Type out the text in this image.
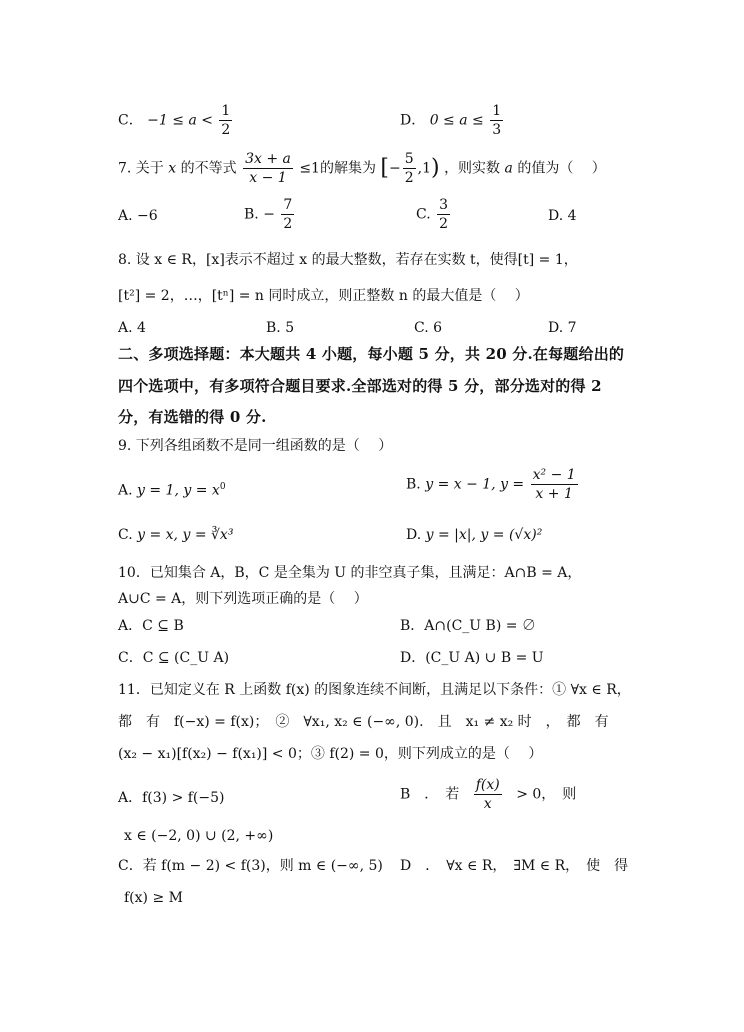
C． $-1 \le a < \frac{1}{2}$	D． $0 \le a \le \frac{1}{3}$
7. 关于 x 的不等式 $\frac{3x + a}{x - 1} \le 1$的解集为 [− $\frac{5}{2} ,1$) ，则实数 a 的值为（　 ）
A. −6	B. − $\frac{7}{2}$	C. $\frac{3}{2}$	D. 4
8. 设 x ∈ R，[x]表示不超过 x 的最大整数，若存在实数 t，使得[t] = 1，
[t²] = 2，…，[tⁿ] = n 同时成立，则正整数 n 的最大值是（　 ）
A. 4	B. 5	C. 6	D. 7
二、多项选择题：本大题共 4 小题，每小题 5 分，共 20 分.在每题给出的
四个选项中，有多项符合题目要求.全部选对的得 5 分，部分选对的得 2
分，有选错的得 0 分.
9. 下列各组函数不是同一组函数的是（　 ）
A. y = 1, $y = x^0$	B. y = x − 1, $y = \frac{\text{x² − 1}}{x + 1}$
C. y = x, y = ∛x³	D. y = |x|, y = (√x)²
10．已知集合 A，B，C 是全集为 U 的非空真子集，且满足：A∩B = A，
A∪C = A，则下列选项正确的是（　 ）
A．C ⊆ B	B．A∩(C_U B) = ∅
C．C ⊆ (C_U A)	D．(C_U A) ∪ B = U
11．已知定义在 R 上函数 f(x) 的图象连续不间断，且满足以下条件：① ∀x ∈ R，
都　有　f(−x) = f(x)；　②　∀x₁, x₂ ∈ (−∞, 0).　且　x₁ ≠ x₂ 时　，　都　有
(x₂ − x₁)[f(x₂) − f(x₁)] < 0；③ f(2) = 0，则下列成立的是（　 ）
A．f(3) > f(−5)	B　．　若 $\frac{f(x)}{x} > 0$，　则
x ∈ (−2, 0) ∪ (2, +∞)
C．若 f(m − 2) < f(3)，则 m ∈ (−∞, 5) D　．　∀x ∈ R，　∃M ∈ R，　使　得
f(x) ≥ M
